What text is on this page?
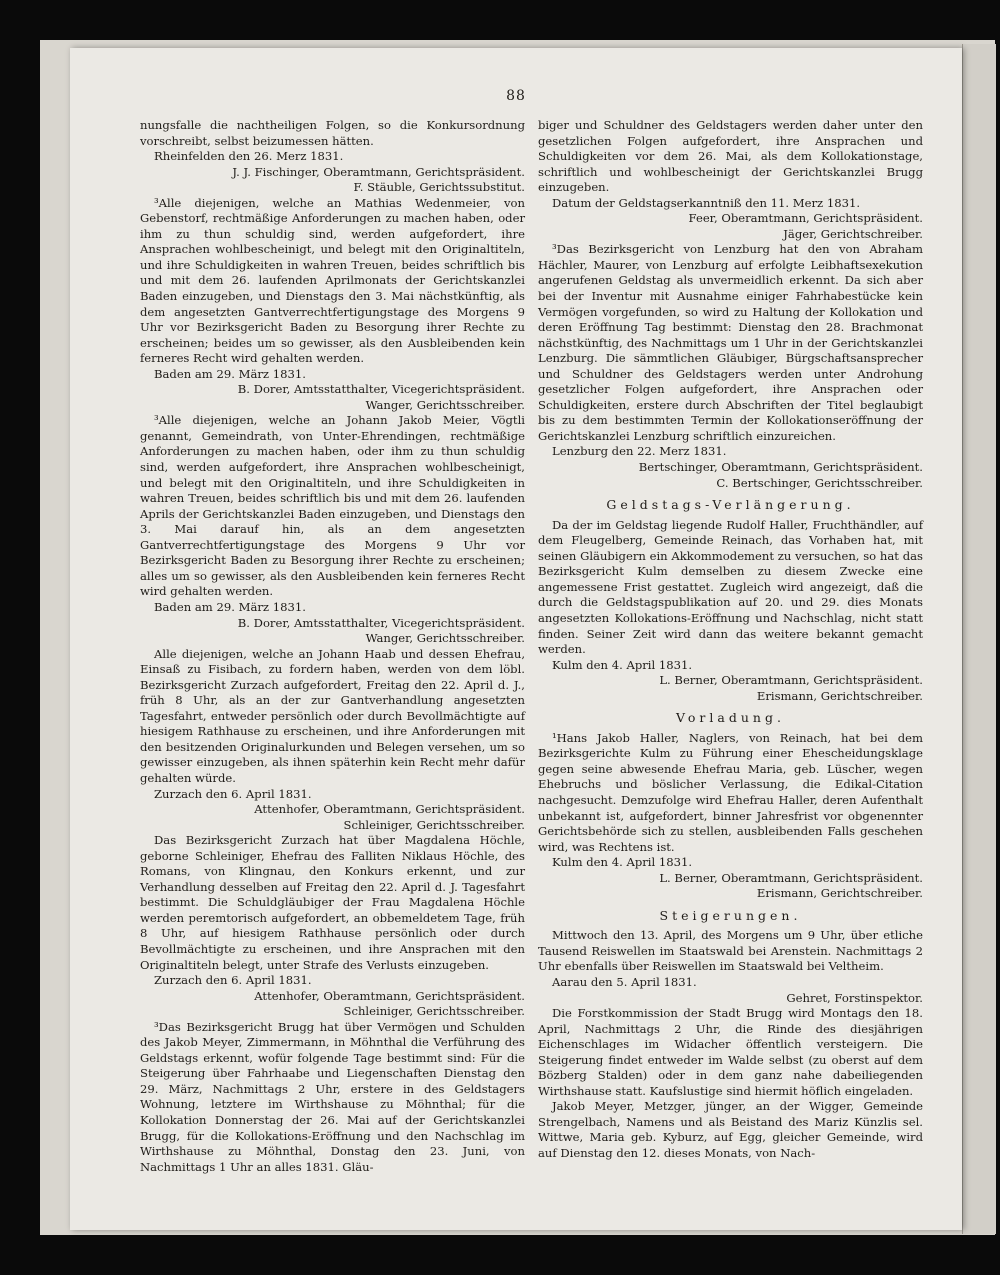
88

nungsfalle die nachtheiligen Folgen, so die Konkursordnung vorschreibt, selbst beizumessen hätten.

Rheinfelden den 26. Merz 1831.

J. J. Fischinger, Oberamtmann, Gerichtspräsident.

F. Stäuble, Gerichtssubstitut.

³Alle diejenigen, welche an Mathias Wedenmeier, von Gebenstorf, rechtmäßige Anforderungen zu machen haben, oder ihm zu thun schuldig sind, werden aufgefordert, ihre Ansprachen wohlbescheinigt, und belegt mit den Originaltiteln, und ihre Schuldigkeiten in wahren Treuen, beides schriftlich bis und mit dem 26. laufenden Aprilmonats der Gerichtskanzlei Baden einzugeben, und Dienstags den 3. Mai nächstkünftig, als dem angesetzten Gantverrechtfertigungstage des Morgens 9 Uhr vor Bezirksgericht Baden zu Besorgung ihrer Rechte zu erscheinen; beides um so gewisser, als den Ausbleibenden kein ferneres Recht wird gehalten werden.

Baden am 29. März 1831.

B. Dorer, Amtsstatthalter, Vicegerichtspräsident.

Wanger, Gerichtsschreiber.

³Alle diejenigen, welche an Johann Jakob Meier, Vögtli genannt, Gemeindrath, von Unter-Ehrendingen, rechtmäßige Anforderungen zu machen haben, oder ihm zu thun schuldig sind, werden aufgefordert, ihre Ansprachen wohlbescheinigt, und belegt mit den Originaltiteln, und ihre Schuldigkeiten in wahren Treuen, beides schriftlich bis und mit dem 26. laufenden Aprils der Gerichtskanzlei Baden einzugeben, und Dienstags den 3. Mai darauf hin, als an dem angesetzten Gantverrechtfertigungstage des Morgens 9 Uhr vor Bezirksgericht Baden zu Besorgung ihrer Rechte zu erscheinen; alles um so gewisser, als den Ausbleibenden kein ferneres Recht wird gehalten werden.

Baden am 29. März 1831.

B. Dorer, Amtsstatthalter, Vicegerichtspräsident.

Wanger, Gerichtsschreiber.

Alle diejenigen, welche an Johann Haab und dessen Ehefrau, Einsaß zu Fisibach, zu fordern haben, werden von dem löbl. Bezirksgericht Zurzach aufgefordert, Freitag den 22. April d. J., früh 8 Uhr, als an der zur Gantverhandlung angesetzten Tagesfahrt, entweder persönlich oder durch Bevollmächtigte auf hiesigem Rathhause zu erscheinen, und ihre Anforderungen mit den besitzenden Originalurkunden und Belegen versehen, um so gewisser einzugeben, als ihnen späterhin kein Recht mehr dafür gehalten würde.

Zurzach den 6. April 1831.

Attenhofer, Oberamtmann, Gerichtspräsident.

Schleiniger, Gerichtsschreiber.

Das Bezirksgericht Zurzach hat über Magdalena Höchle, geborne Schleiniger, Ehefrau des Falliten Niklaus Höchle, des Romans, von Klingnau, den Konkurs erkennt, und zur Verhandlung desselben auf Freitag den 22. April d. J. Tagesfahrt bestimmt. Die Schuldgläubiger der Frau Magdalena Höchle werden peremtorisch aufgefordert, an obbemeldetem Tage, früh 8 Uhr, auf hiesigem Rathhause persönlich oder durch Bevollmächtigte zu erscheinen, und ihre Ansprachen mit den Originaltiteln belegt, unter Strafe des Verlusts einzugeben.

Zurzach den 6. April 1831.

Attenhofer, Oberamtmann, Gerichtspräsident.

Schleiniger, Gerichtsschreiber.

³Das Bezirksgericht Brugg hat über Vermögen und Schulden des Jakob Meyer, Zimmermann, in Möhnthal die Verführung des Geldstags erkennt, wofür folgende Tage bestimmt sind: Für die Steigerung über Fahrhaabe und Liegenschaften Dienstag den 29. März, Nachmittags 2 Uhr, erstere in des Geldstagers Wohnung, letztere im Wirthshause zu Möhnthal; für die Kollokation Donnerstag der 26. Mai auf der Gerichtskanzlei Brugg, für die Kollokations-Eröffnung und den Nachschlag im Wirthshause zu Möhnthal, Donstag den 23. Juni, von Nachmittags 1 Uhr an alles 1831. Gläu-

biger und Schuldner des Geldstagers werden daher unter den gesetzlichen Folgen aufgefordert, ihre Ansprachen und Schuldigkeiten vor dem 26. Mai, als dem Kollokationstage, schriftlich und wohlbescheinigt der Gerichtskanzlei Brugg einzugeben.

Datum der Geldstagserkanntniß den 11. Merz 1831.

Feer, Oberamtmann, Gerichtspräsident.

Jäger, Gerichtschreiber.

³Das Bezirksgericht von Lenzburg hat den von Abraham Hächler, Maurer, von Lenzburg auf erfolgte Leibhaftsexekution angerufenen Geldstag als unvermeidlich erkennt. Da sich aber bei der Inventur mit Ausnahme einiger Fahrhabestücke kein Vermögen vorgefunden, so wird zu Haltung der Kollokation und deren Eröffnung Tag bestimmt: Dienstag den 28. Brachmonat nächstkünftig, des Nachmittags um 1 Uhr in der Gerichtskanzlei Lenzburg. Die sämmtlichen Gläubiger, Bürgschaftsansprecher und Schuldner des Geldstagers werden unter Androhung gesetzlicher Folgen aufgefordert, ihre Ansprachen oder Schuldigkeiten, erstere durch Abschriften der Titel beglaubigt bis zu dem bestimmten Termin der Kollokationseröffnung der Gerichtskanzlei Lenzburg schriftlich einzureichen.

Lenzburg den 22. Merz 1831.

Bertschinger, Oberamtmann, Gerichtspräsident.

C. Bertschinger, Gerichtsschreiber.

Geldstags-Verlängerung.

Da der im Geldstag liegende Rudolf Haller, Fruchthändler, auf dem Fleugelberg, Gemeinde Reinach, das Vorhaben hat, mit seinen Gläubigern ein Akkommodement zu versuchen, so hat das Bezirksgericht Kulm demselben zu diesem Zwecke eine angemessene Frist gestattet. Zugleich wird angezeigt, daß die durch die Geldstagspublikation auf 20. und 29. dies Monats angesetzten Kollokations-Eröffnung und Nachschlag, nicht statt finden. Seiner Zeit wird dann das weitere bekannt gemacht werden.

Kulm den 4. April 1831.

L. Berner, Oberamtmann, Gerichtspräsident.

Erismann, Gerichtschreiber.

Vorladung.

¹Hans Jakob Haller, Naglers, von Reinach, hat bei dem Bezirksgerichte Kulm zu Führung einer Ehescheidungsklage gegen seine abwesende Ehefrau Maria, geb. Lüscher, wegen Ehebruchs und böslicher Verlassung, die Edikal-Citation nachgesucht. Demzufolge wird Ehefrau Haller, deren Aufenthalt unbekannt ist, aufgefordert, binner Jahresfrist vor obgenennter Gerichtsbehörde sich zu stellen, ausbleibenden Falls geschehen wird, was Rechtens ist.

Kulm den 4. April 1831.

L. Berner, Oberamtmann, Gerichtspräsident.

Erismann, Gerichtschreiber.

Steigerungen.

Mittwoch den 13. April, des Morgens um 9 Uhr, über etliche Tausend Reiswellen im Staatswald bei Arenstein. Nachmittags 2 Uhr ebenfalls über Reiswellen im Staatswald bei Veltheim.

Aarau den 5. April 1831.

Gehret, Forstinspektor.

Die Forstkommission der Stadt Brugg wird Montags den 18. April, Nachmittags 2 Uhr, die Rinde des diesjährigen Eichenschlages im Widacher öffentlich versteigern. Die Steigerung findet entweder im Walde selbst (zu oberst auf dem Bözberg Stalden) oder in dem ganz nahe dabeiliegenden Wirthshause statt. Kaufslustige sind hiermit höflich eingeladen.

Jakob Meyer, Metzger, jünger, an der Wigger, Gemeinde Strengelbach, Namens und als Beistand des Mariz Künzlis sel. Wittwe, Maria geb. Kyburz, auf Egg, gleicher Gemeinde, wird auf Dienstag den 12. dieses Monats, von Nach-
